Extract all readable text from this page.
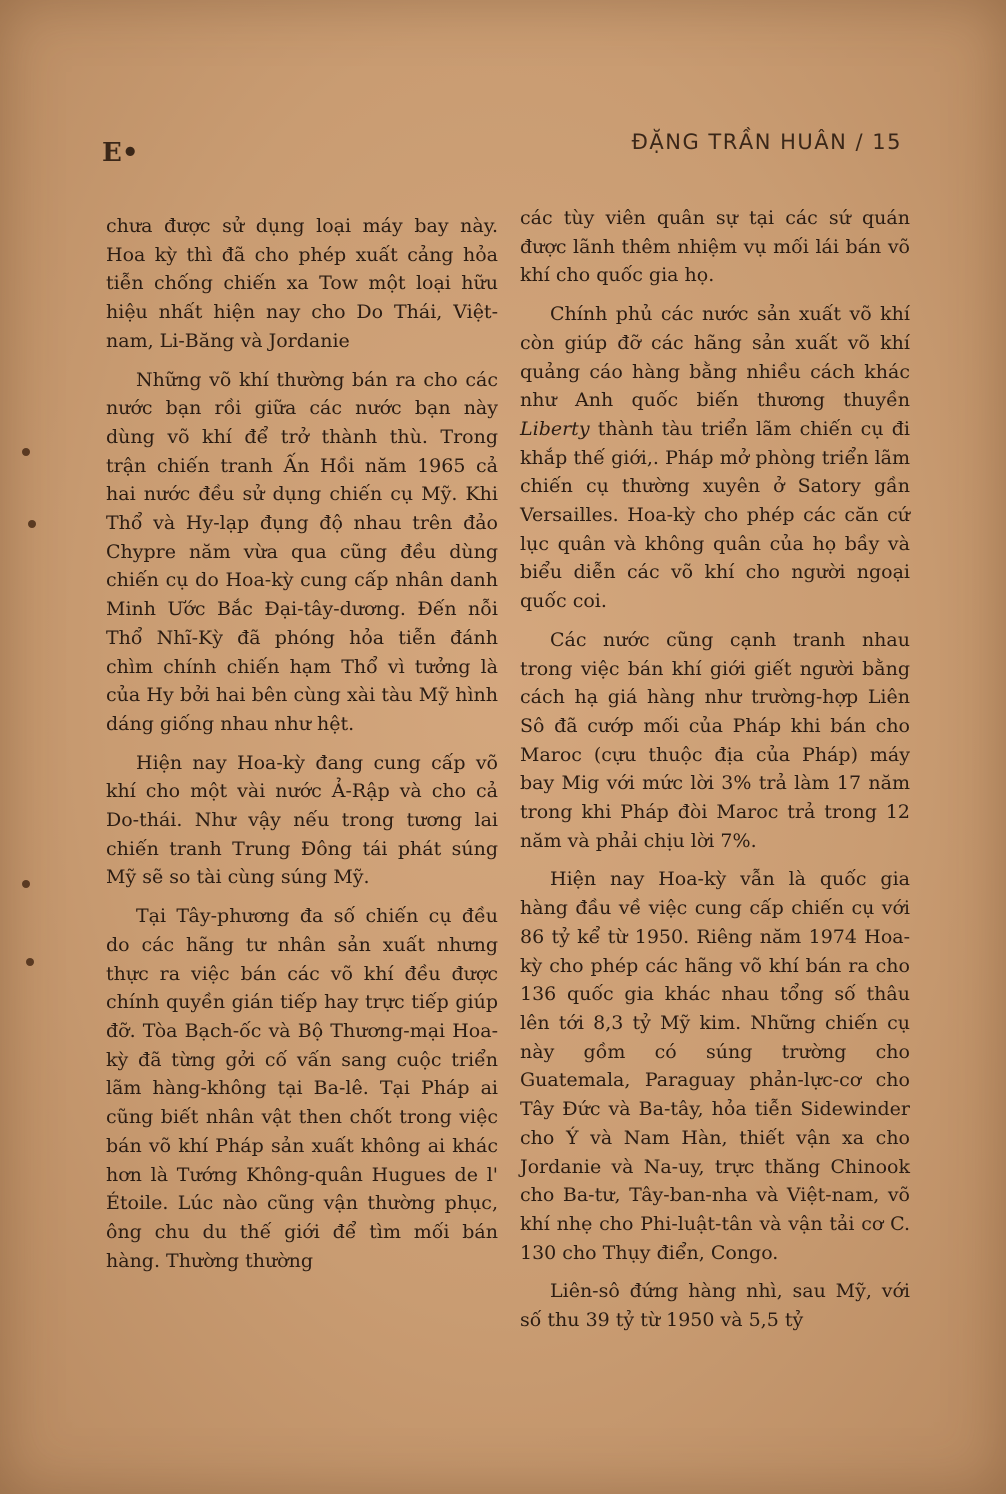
E•	ĐẶNG TRẦN HUÂN / 15

chưa được sử dụng loại máy bay này. Hoa kỳ thì đã cho phép xuất cảng hỏa tiễn chống chiến xa Tow một loại hữu hiệu nhất hiện nay cho Do Thái, Việt-nam, Li-Băng và Jordanie

Những võ khí thường bán ra cho các nước bạn rồi giữa các nước bạn này dùng võ khí để trở thành thù. Trong trận chiến tranh Ấn Hồi năm 1965 cả hai nước đều sử dụng chiến cụ Mỹ. Khi Thổ và Hy-lạp đụng độ nhau trên đảo Chypre năm vừa qua cũng đều dùng chiến cụ do Hoa-kỳ cung cấp nhân danh Minh Ước Bắc Đại-tây-dương. Đến nỗi Thổ Nhĩ-Kỳ đã phóng hỏa tiễn đánh chìm chính chiến hạm Thổ vì tưởng là của Hy bởi hai bên cùng xài tàu Mỹ hình dáng giống nhau như hệt.

Hiện nay Hoa-kỳ đang cung cấp võ khí cho một vài nước Ả-Rập và cho cả Do-thái. Như vậy nếu trong tương lai chiến tranh Trung Đông tái phát súng Mỹ sẽ so tài cùng súng Mỹ.

Tại Tây-phương đa số chiến cụ đều do các hãng tư nhân sản xuất nhưng thực ra việc bán các võ khí đều được chính quyền gián tiếp hay trực tiếp giúp đỡ. Tòa Bạch-ốc và Bộ Thương-mại Hoa-kỳ đã từng gởi cố vấn sang cuộc triển lãm hàng-không tại Ba-lê. Tại Pháp ai cũng biết nhân vật then chốt trong việc bán võ khí Pháp sản xuất không ai khác hơn là Tướng Không-quân Hugues de l' Étoile. Lúc nào cũng vận thường phục, ông chu du thế giới để tìm mối bán hàng. Thường thường

các tùy viên quân sự tại các sứ quán được lãnh thêm nhiệm vụ mối lái bán võ khí cho quốc gia họ.

Chính phủ các nước sản xuất võ khí còn giúp đỡ các hãng sản xuất võ khí quảng cáo hàng bằng nhiều cách khác như Anh quốc biến thương thuyền Liberty thành tàu triển lãm chiến cụ đi khắp thế giới,. Pháp mở phòng triển lãm chiến cụ thường xuyên ở Satory gần Versailles. Hoa-kỳ cho phép các căn cứ lục quân và không quân của họ bầy và biểu diễn các võ khí cho người ngoại quốc coi.

Các nước cũng cạnh tranh nhau trong việc bán khí giới giết người bằng cách hạ giá hàng như trường-hợp Liên Sô đã cướp mối của Pháp khi bán cho Maroc (cựu thuộc địa của Pháp) máy bay Mig với mức lời 3% trả làm 17 năm trong khi Pháp đòi Maroc trả trong 12 năm và phải chịu lời 7%.

Hiện nay Hoa-kỳ vẫn là quốc gia hàng đầu về việc cung cấp chiến cụ với 86 tỷ kể từ 1950. Riêng năm 1974 Hoa-kỳ cho phép các hãng võ khí bán ra cho 136 quốc gia khác nhau tổng số thâu lên tới 8,3 tỷ Mỹ kim. Những chiến cụ này gồm có súng trường cho Guatemala, Paraguay phản-lực-cơ cho Tây Đức và Ba-tây, hỏa tiễn Sidewinder cho Ý và Nam Hàn, thiết vận xa cho Jordanie và Na-uy, trực thăng Chinook cho Ba-tư, Tây-ban-nha và Việt-nam, võ khí nhẹ cho Phi-luật-tân và vận tải cơ C. 130 cho Thụy điển, Congo.

Liên-sô đứng hàng nhì, sau Mỹ, với số thu 39 tỷ từ 1950 và 5,5 tỷ
